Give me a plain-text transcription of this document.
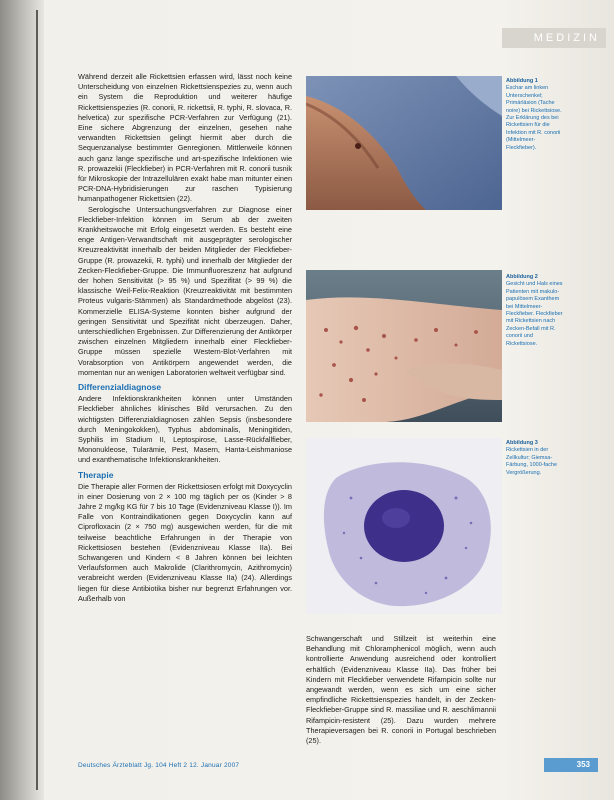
MEDIZIN

Während derzeit alle Rickettsien erfassen wird, lässt noch keine Unterscheidung von einzelnen Rickettsienspezies zu, wenn auch ein System die Reproduktion und weiterer häufige Rickettsienspezies (R. conorii, R. rickettsii, R. typhi, R. slovaca, R. helvetica) zur spezifische PCR-Verfahren zur Verfügung (21). Eine sichere Abgrenzung der einzelnen, gesehen nahe verwandten Rickettsien gelingt hiermit aber durch die Sequenzanalyse bestimmter Genregionen. Mittlerweile können auch ganz lange spezifische und art-spezifische Infektionen wie R. prowazekii (Fleckfieber) in PCR-Verfahren mit R. conorii tusnik für Mikroskopie der Intrazellulären exakt habe man mitunter einen PCR-DNA-Hybridisierungen zur raschen Typisierung humanpathogener Rickettsien (22).

Serologische Untersuchungsverfahren zur Diagnose einer Fleckfieber-Infektion können im Serum ab der zweiten Krankheitswoche mit Erfolg eingesetzt werden. Es besteht eine enge Antigen-Verwandtschaft mit ausgeprägter serologischer Kreuzreaktivität innerhalb der beiden Mitglieder der Fleckfieber-Gruppe (R. prowazekii, R. typhi) und innerhalb der Mitglieder der Zecken-Fleckfieber-Gruppe. Die Immunfluoreszenz hat aufgrund der hohen Sensitivität (> 95 %) und Spezifität (> 99 %) die klassische Weil-Felix-Reaktion (Kreuzreaktivität mit bestimmten Proteus vulgaris-Stämmen) als Standardmethode abgelöst (23). Kommerzielle ELISA-Systeme konnten bisher aufgrund der geringen Sensitivität und Spezifität nicht überzeugen. Daher, unterschiedlichen Ergebnissen. Zur Differenzierung der Antikörper zwischen einzelnen Mitgliedern innerhalb einer Fleckfieber-Gruppe müssen spezielle Western-Blot-Verfahren mit Vorabsorption von Antikörpern angewendet werden, die momentan nur an wenigen Laboratorien weltweit verfügbar sind.

Differenzialdiagnose

Andere Infektionskrankheiten können unter Umständen Fleckfieber ähnliches klinisches Bild verursachen. Zu den wichtigsten Differenzialdiagnosen zählen Sepsis (insbesondere durch Meningokokken), Typhus abdominalis, Meningitiden, Syphilis im Stadium II, Leptospirose, Lasse-Rückfallfieber, Mononukleose, Tularämie, Pest, Masern, Hanta-Leishmaniose und exanthematische Infektionskrankheiten.

Therapie

Die Therapie aller Formen der Rickettsiosen erfolgt mit Doxycyclin in einer Dosierung von 2 × 100 mg täglich per os (Kinder > 8 Jahre 2 mg/kg KG für 7 bis 10 Tage (Evidenzniveau Klasse I)). Im Falle von Kontraindikationen gegen Doxycyclin kann auf Ciprofloxacin (2 × 750 mg) ausgewichen werden, für die mit teilweise beachtliche Erfahrungen in der Therapie von Rickettsiosen bestehen (Evidenzniveau Klasse IIa). Bei Schwangeren und Kindern < 8 Jahren können bei leichten Verlaufsformen auch Makrolide (Clarithromycin, Azithromycin) verabreicht werden (Evidenzniveau Klasse IIa) (24). Allerdings liegen für diese Antibiotika bisher nur begrenzt Erfahrungen vor. Außerhalb von

Abbildung 1
Eschar am linken Unterschenkel; Primärläsion (Tache noire) bei Rickettsiose. Zur Erklärung des bei Rickettsien für die Infektion mit R. conorii (Mittelmeer-Fleckfieber).
Abbildung 2
Gesicht und Hals eines Patienten mit makulo-papulösem Exanthem bei Mittelmeer-Fleckfieber. Fleckfieber mit Rickettsien nach Zecken-Befall mit R. conorii und Rickettsiose.
Abbildung 3
Rickettsien in der Zellkultur; Giemsa-Färbung, 1000-fache Vergrößerung.

Schwangerschaft und Stillzeit ist weiterhin eine Behandlung mit Chloramphenicol möglich, wenn auch kontrollierte Anwendung ausreichend oder kontrolliert erhältlich (Evidenzniveau Klasse IIa). Das früher bei Kindern mit Fleckfieber verwendete Rifampicin sollte nur angewandt werden, wenn es sich um eine sicher empfindliche Rickettsienspezies handelt, in der Zecken-Fleckfieber-Gruppe sind R. massiliae und R. aeschlimannii Rifampicin-resistent (25). Dazu wurden mehrere Therapieversagen bei R. conorii in Portugal beschrieben (25).

Deutsches Ärzteblatt Jg. 104 Heft 2 12. Januar 2007	353
